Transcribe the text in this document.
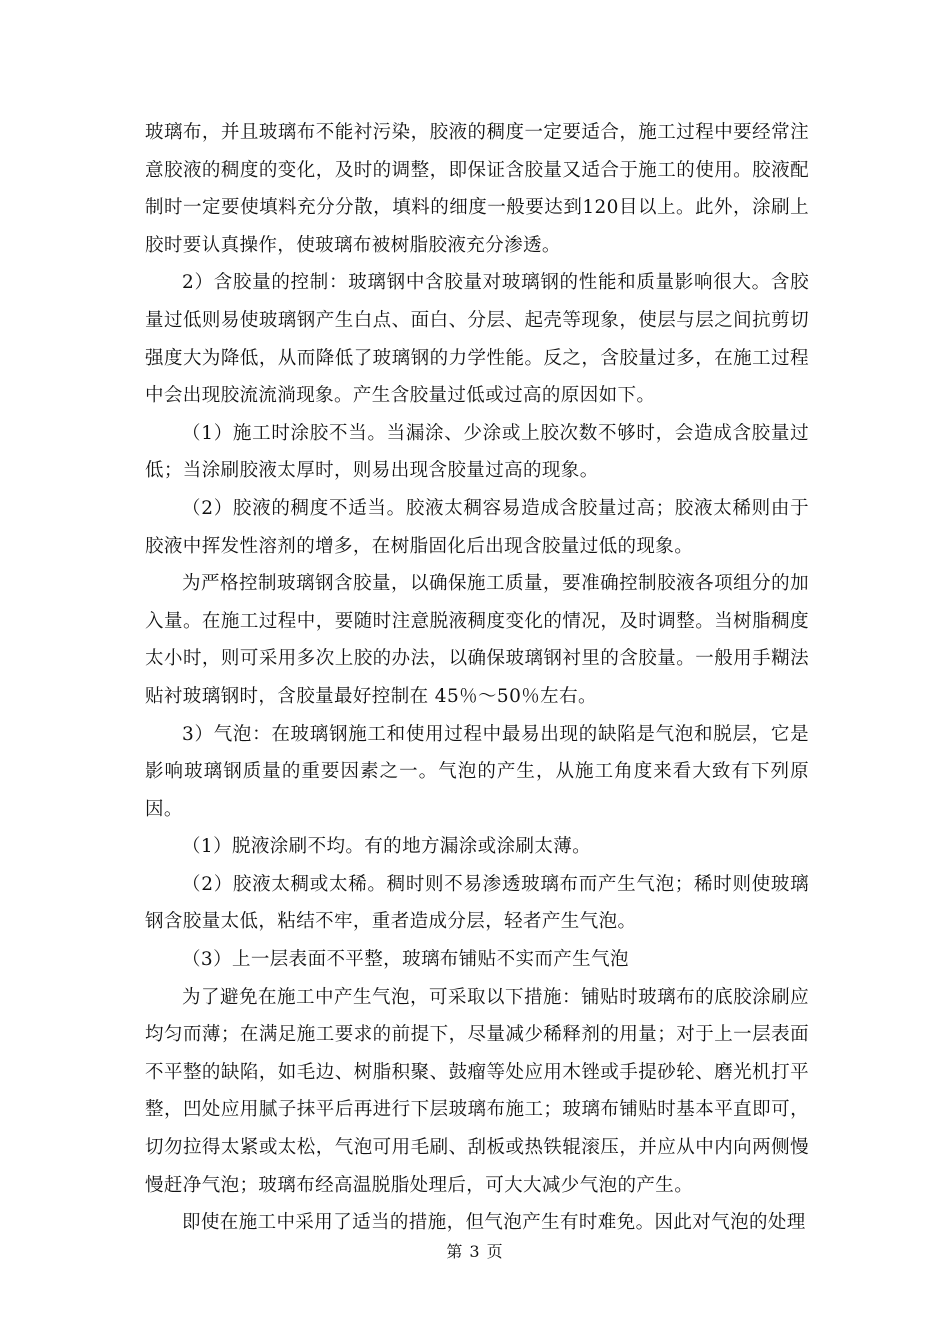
玻璃布，并且玻璃布不能衬污染，胶液的稠度一定要适合，施工过程中要经常注意胶液的稠度的变化，及时的调整，即保证含胶量又适合于施工的使用。胶液配制时一定要使填料充分分散，填料的细度一般要达到120目以上。此外，涂刷上胶时要认真操作，使玻璃布被树脂胶液充分渗透。

2）含胶量的控制：玻璃钢中含胶量对玻璃钢的性能和质量影响很大。含胶量过低则易使玻璃钢产生白点、面白、分层、起壳等现象，使层与层之间抗剪切强度大为降低，从而降低了玻璃钢的力学性能。反之，含胶量过多，在施工过程中会出现胶流流淌现象。产生含胶量过低或过高的原因如下。

（1）施工时涂胶不当。当漏涂、少涂或上胶次数不够时，会造成含胶量过低；当涂刷胶液太厚时，则易出现含胶量过高的现象。

（2）胶液的稠度不适当。胶液太稠容易造成含胶量过高；胶液太稀则由于胶液中挥发性溶剂的增多，在树脂固化后出现含胶量过低的现象。

为严格控制玻璃钢含胶量，以确保施工质量，要准确控制胶液各项组分的加入量。在施工过程中，要随时注意脱液稠度变化的情况，及时调整。当树脂稠度太小时，则可采用多次上胶的办法，以确保玻璃钢衬里的含胶量。一般用手糊法贴衬玻璃钢时，含胶量最好控制在 45％～50％左右。

3）气泡：在玻璃钢施工和使用过程中最易出现的缺陷是气泡和脱层，它是影响玻璃钢质量的重要因素之一。气泡的产生，从施工角度来看大致有下列原因。

（1）脱液涂刷不均。有的地方漏涂或涂刷太薄。

（2）胶液太稠或太稀。稠时则不易渗透玻璃布而产生气泡；稀时则使玻璃钢含胶量太低，粘结不牢，重者造成分层，轻者产生气泡。

（3）上一层表面不平整，玻璃布铺贴不实而产生气泡

为了避免在施工中产生气泡，可采取以下措施：铺贴时玻璃布的底胶涂刷应均匀而薄；在满足施工要求的前提下，尽量减少稀释剂的用量；对于上一层表面不平整的缺陷，如毛边、树脂积聚、鼓瘤等处应用木锉或手提砂轮、磨光机打平整，凹处应用腻子抹平后再进行下层玻璃布施工；玻璃布铺贴时基本平直即可，切勿拉得太紧或太松，气泡可用毛刷、刮板或热铁辊滚压，并应从中内向两侧慢慢赶净气泡；玻璃布经高温脱脂处理后，可大大减少气泡的产生。

即使在施工中采用了适当的措施，但气泡产生有时难免。因此对气泡的处理

第 3 页
